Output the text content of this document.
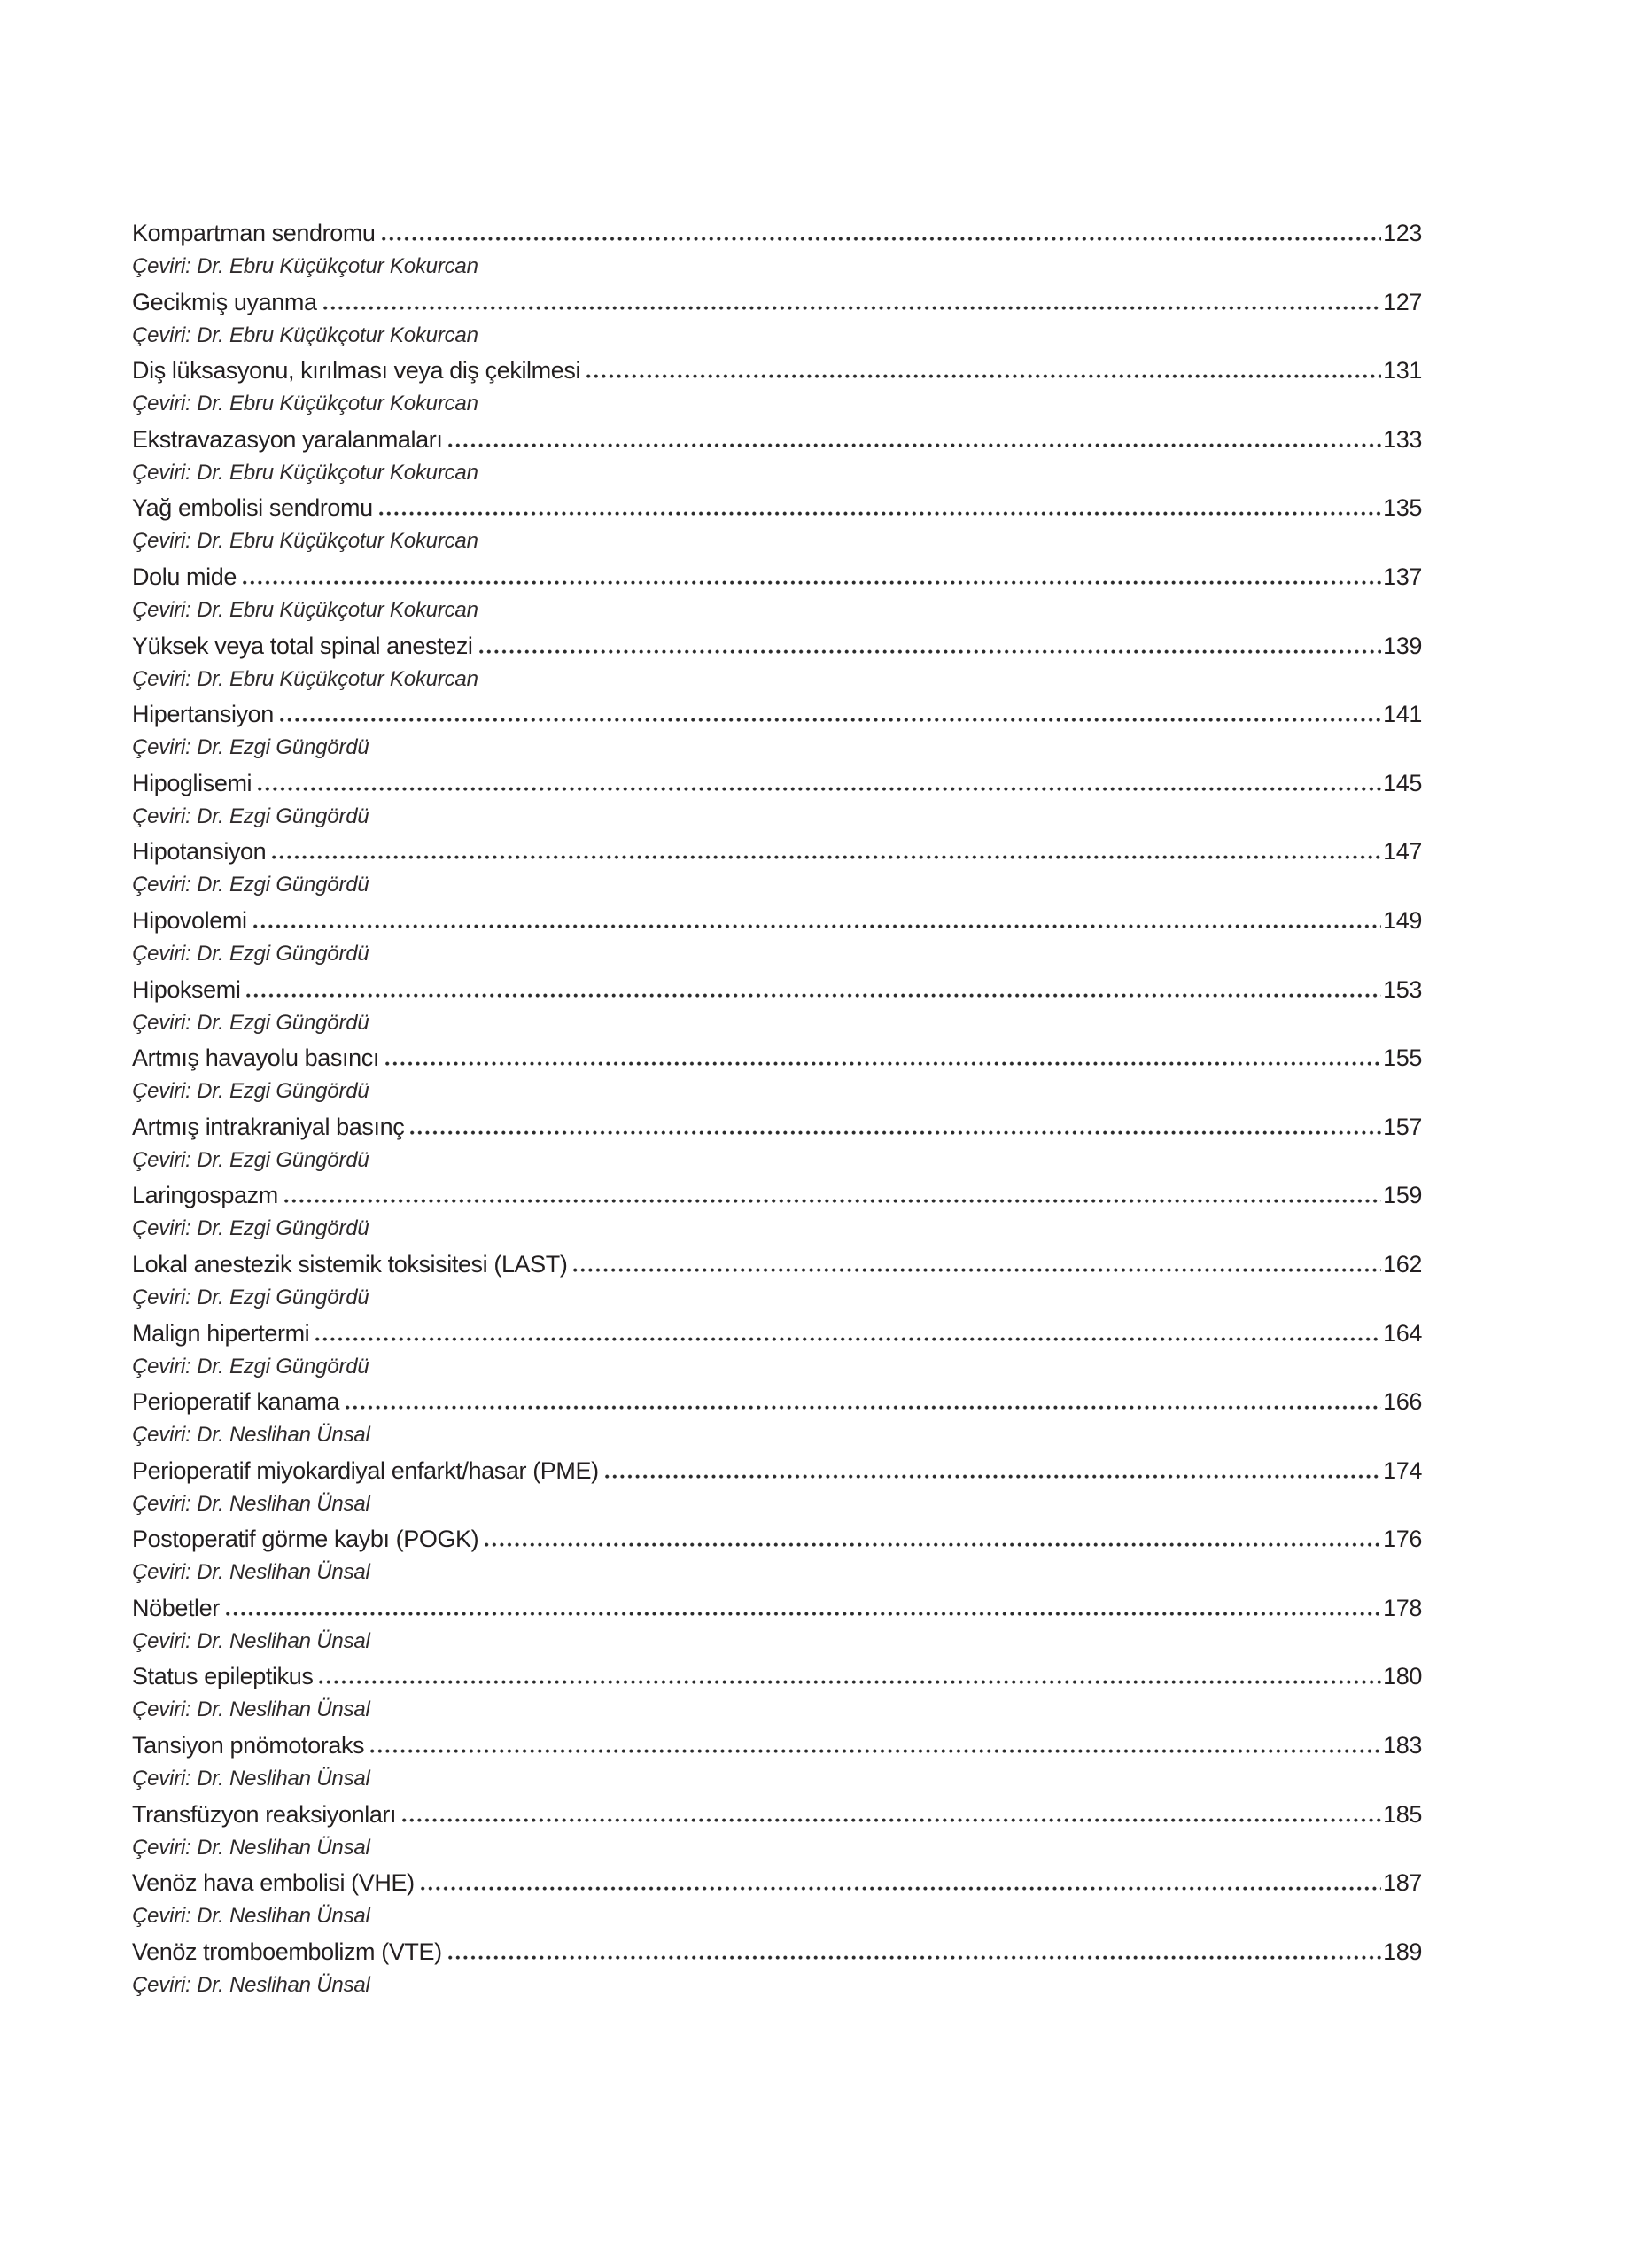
Kompartman sendromu	123
Çeviri: Dr. Ebru Küçükçotur Kokurcan
Gecikmiş uyanma	127
Çeviri: Dr. Ebru Küçükçotur Kokurcan
Diş lüksasyonu, kırılması veya diş çekilmesi	131
Çeviri: Dr. Ebru Küçükçotur Kokurcan
Ekstravazasyon yaralanmaları	133
Çeviri: Dr. Ebru Küçükçotur Kokurcan
Yağ embolisi sendromu	135
Çeviri: Dr. Ebru Küçükçotur Kokurcan
Dolu mide	137
Çeviri: Dr. Ebru Küçükçotur Kokurcan
Yüksek veya total spinal anestezi	139
Çeviri: Dr. Ebru Küçükçotur Kokurcan
Hipertansiyon	141
Çeviri: Dr. Ezgi Güngördü
Hipoglisemi	145
Çeviri: Dr. Ezgi Güngördü
Hipotansiyon	147
Çeviri: Dr. Ezgi Güngördü
Hipovolemi	149
Çeviri: Dr. Ezgi Güngördü
Hipoksemi	153
Çeviri: Dr. Ezgi Güngördü
Artmış havayolu basıncı	155
Çeviri: Dr. Ezgi Güngördü
Artmış intrakraniyal basınç	157
Çeviri: Dr. Ezgi Güngördü
Laringospazm	159
Çeviri: Dr. Ezgi Güngördü
Lokal anestezik sistemik toksisitesi (LAST)	162
Çeviri: Dr. Ezgi Güngördü
Malign hipertermi	164
Çeviri: Dr. Ezgi Güngördü
Perioperatif kanama	166
Çeviri: Dr. Neslihan Ünsal
Perioperatif miyokardiyal enfarkt/hasar (PME)	174
Çeviri: Dr. Neslihan Ünsal
Postoperatif görme kaybı (POGK)	176
Çeviri: Dr. Neslihan Ünsal
Nöbetler	178
Çeviri: Dr. Neslihan Ünsal
Status epileptikus	180
Çeviri: Dr. Neslihan Ünsal
Tansiyon pnömotoraks	183
Çeviri: Dr. Neslihan Ünsal
Transfüzyon reaksiyonları	185
Çeviri: Dr. Neslihan Ünsal
Venöz hava embolisi (VHE)	187
Çeviri: Dr. Neslihan Ünsal
Venöz tromboembolizm (VTE)	189
Çeviri: Dr. Neslihan Ünsal
